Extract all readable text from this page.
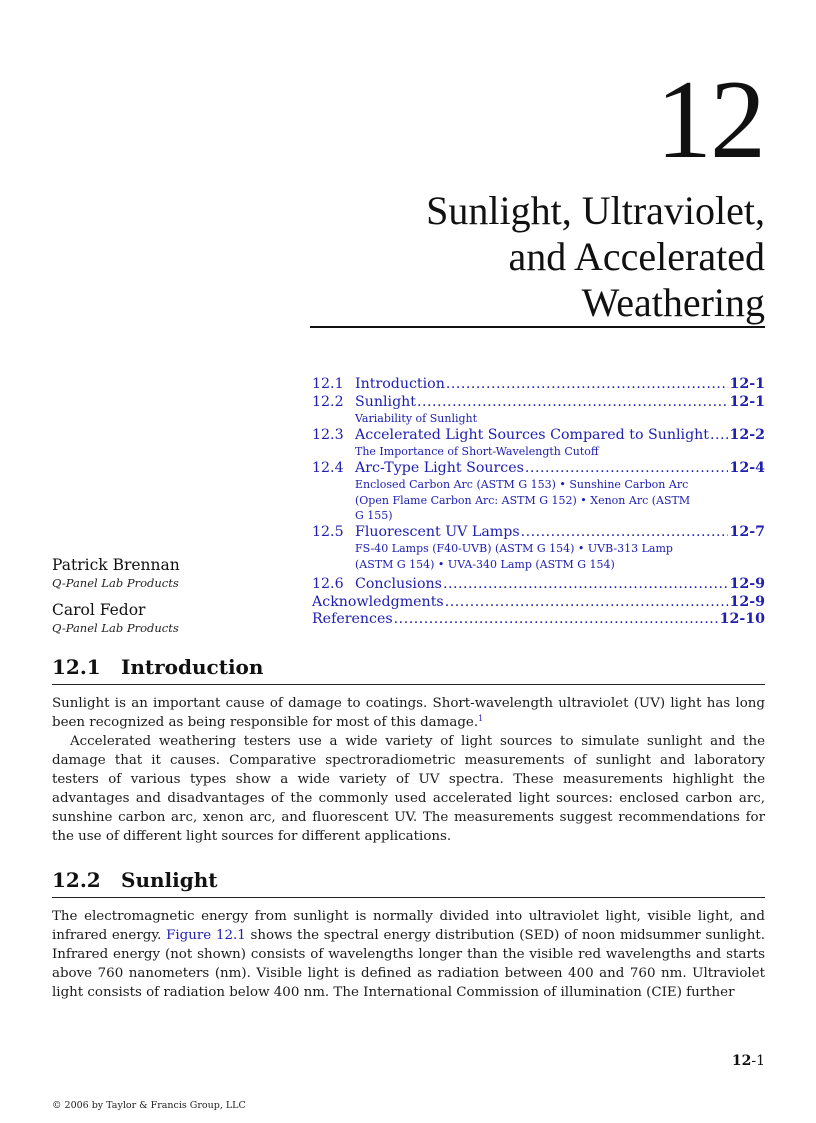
12
Sunlight, Ultraviolet,
and Accelerated
Weathering
12.1 Introduction .....	12-1
12.2 Sunlight .....	12-1
Variability of Sunlight
12.3 Accelerated Light Sources Compared to Sunlight ..... 12-2
The Importance of Short-Wavelength Cutoff
12.4 Arc-Type Light Sources .....	12-4
Enclosed Carbon Arc (ASTM G 153) • Sunshine Carbon Arc
(Open Flame Carbon Arc: ASTM G 152) • Xenon Arc (ASTM
G 155)
12.5 Fluorescent UV Lamps .....	12-7
FS-40 Lamps (F40-UVB) (ASTM G 154) • UVB-313 Lamp
(ASTM G 154) • UVA-340 Lamp (ASTM G 154)
12.6 Conclusions .....	12-9
Acknowledgments .....	12-9
References .....	12-10
Patrick Brennan
Q-Panel Lab Products
Carol Fedor
Q-Panel Lab Products
12.1 Introduction

Sunlight is an important cause of damage to coatings. Short-wavelength ultraviolet (UV) light has long been recognized as being responsible for most of this damage.$^1$

Accelerated weathering testers use a wide variety of light sources to simulate sunlight and the damage that it causes. Comparative spectroradiometric measurements of sunlight and laboratory testers of various types show a wide variety of UV spectra. These measurements highlight the advantages and disadvantages of the commonly used accelerated light sources: enclosed carbon arc, sunshine carbon arc, xenon arc, and fluorescent UV. The measurements suggest recommendations for the use of different light sources for different applications.

12.2 Sunlight

The electromagnetic energy from sunlight is normally divided into ultraviolet light, visible light, and infrared energy. Figure 12.1 shows the spectral energy distribution (SED) of noon midsummer sunlight. Infrared energy (not shown) consists of wavelengths longer than the visible red wavelengths and starts above 760 nanometers (nm). Visible light is defined as radiation between 400 and 760 nm. Ultraviolet light consists of radiation below 400 nm. The International Commission of illumination (CIE) further

12-1
© 2006 by Taylor & Francis Group, LLC
